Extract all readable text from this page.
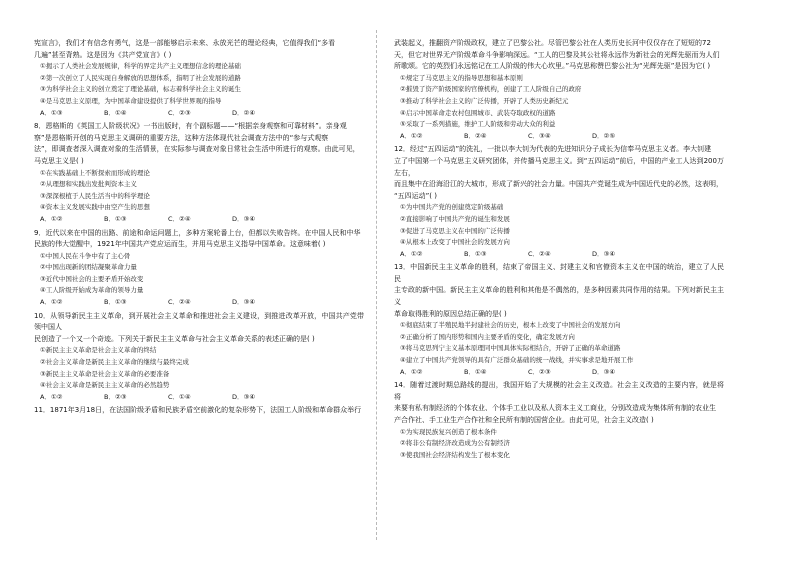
宪宣言》，我们才有信念有勇气，这是一部能够启示未来、永放光芒的理论经典，它值得我们“多看

几遍”甚至背熟。这是因为《共产党宣言》( )

①揭示了人类社会发展规律，科学的界定共产主义理想信念的理论基础

②第一次创立了人民实现自身解放的思想体系，指明了社会发展的道路

③为科学社会主义的创立奠定了理论基础，标志着科学社会主义的诞生

④是马克思主义原理，为中国革命建设提供了科学世界观的指导

A．①③	B．①④	C．②③	D．②④

8．恩格斯的《英国工人阶级状况》一书出版时，有个副标题——“根据亲身观察和可靠材料”。亲身观

察”是恩格斯开创的马克思主义调研的重要方法，这种方法体现代社会调查方法中的“参与式观察

法”，即调查者深入调查对象的生活情景，在实际参与调查对象日常社会生活中所进行的观察。由此可见，

马克思主义是( )

①在实践基础上不断探索而形成的理论

②从理想和实践出发批判资本主义

③深深根植于人民生活当中的科学理论

④资本主义发展实践中由空产生的思想

A．①②	B．①③	C．②④	D．③④

9．近代以来在中国的出路、前途和命运问题上，多种方案轮番上台，但都以失败告终。在中国人民和中华

民族的伟大觉醒中，1921年中国共产党应运而生，并用马克思主义指导中国革命。这意味着( )

①中国人民在斗争中有了主心骨

②中国出现新的团结凝聚革命力量

③近代中国社会的主要矛盾开始改变

④工人阶级开始成为革命的领导力量

A．①②	B．①③	C．②④	D．③④

10．从领导新民主主义革命，到开展社会主义革命和推进社会主义建设，到推进改革开放，中国共产党带领中国人

民创造了一个又一个奇迹。下列关于新民主主义革命与社会主义革命关系的表述正确的是( )

①新民主主义革命是社会主义革命的终结

②社会主义革命是新民主主义革命的继续与最终完成

③新民主主义革命是社会主义革命的必要准备

④社会主义革命是新民主主义革命的必然趋势

A．①②	B．②③	C．①④	D．③④

11．1871年3月18日，在法国阶级矛盾和民族矛盾空前激化的复杂形势下，法国工人阶级和革命群众举行

武装起义，推翻资产阶级政权，建立了巴黎公社。尽管巴黎公社在人类历史长河中仅仅存在了短短的72

天，但它对世界无产阶级革命斗争影响深远。“工人的巴黎及其公社将永远作为新社会的光辉先驱而为人们

所歌颂。它的英烈们永远铭记在工人阶级的伟大心坎里。”马克思称赞巴黎公社为“光辉先驱”是因为它( )

①规定了马克思主义的指导思想和基本原则

②摧毁了资产阶级国家的官僚机构，创建了工人阶级自己的政府

③推动了科学社会主义的广泛传播，开辟了人类历史新纪元

④启示中国革命走农村包围城市、武装夺取政权的道路

⑤采取了一系列措施，维护工人阶级和劳动大众的利益

A．①②	B．②④	C．③④	D．②⑤

12．经过“五四运动”的洗礼，一批以李大钊为代表的先进知识分子成长为信奉马克思主义者。李大钊建

立了中国第一个马克思主义研究团体，并传播马克思主义。到“五四运动”前后，中国的产业工人达到200万左右，

而且集中在沿海沿江的大城市，形成了新兴的社会力量。中国共产党诞生成为中国近代史的必然，这表明，

“五四运动”( )

①为中国共产党的创建奠定阶级基础

②直接影响了中国共产党的诞生和发展

③促进了马克思主义在中国的广泛传播

④从根本上改变了中国社会的发展方向

A．①②	B．①③	C．②④	D．③④

13．中国新民主主义革命的胜利，结束了帝国主义、封建主义和官僚资本主义在中国的统治，建立了人民民

主专政的新中国。新民主主义革命的胜利和其他是不偶然的，是多种因素共同作用的结果。下列对新民主主义

革命取得胜利的原因总结正确的是( )

①彻底结束了半殖民地半封建社会的历史，根本上改变了中国社会的发展方向

②正确分析了国内形势和国内主要矛盾的变化，确定发展方向

③将马克思列宁主义基本原理同中国具体实际相结合，开辟了正确的革命道路

④建立了中国共产党领导的具有广泛群众基础的统一战线，并实事求是地开展工作

A．①②	B．①④	C．②③	D．③④

14．随着过渡时期总路线的提出，我国开始了大规模的社会主义改造。社会主义改造的主要内容，就是将将

来要有私有制经济的个体农业、个体手工业以及私人资本主义工商业，分别改造成为集体所有制的农业生

产合作社、手工业生产合作社和全民所有制的国营企业。由此可见，社会主义改造( )

①为实现民族复兴创造了根本条件

②将非公有制经济改造成为公有制经济

③使我国社会经济结构发生了根本变化
